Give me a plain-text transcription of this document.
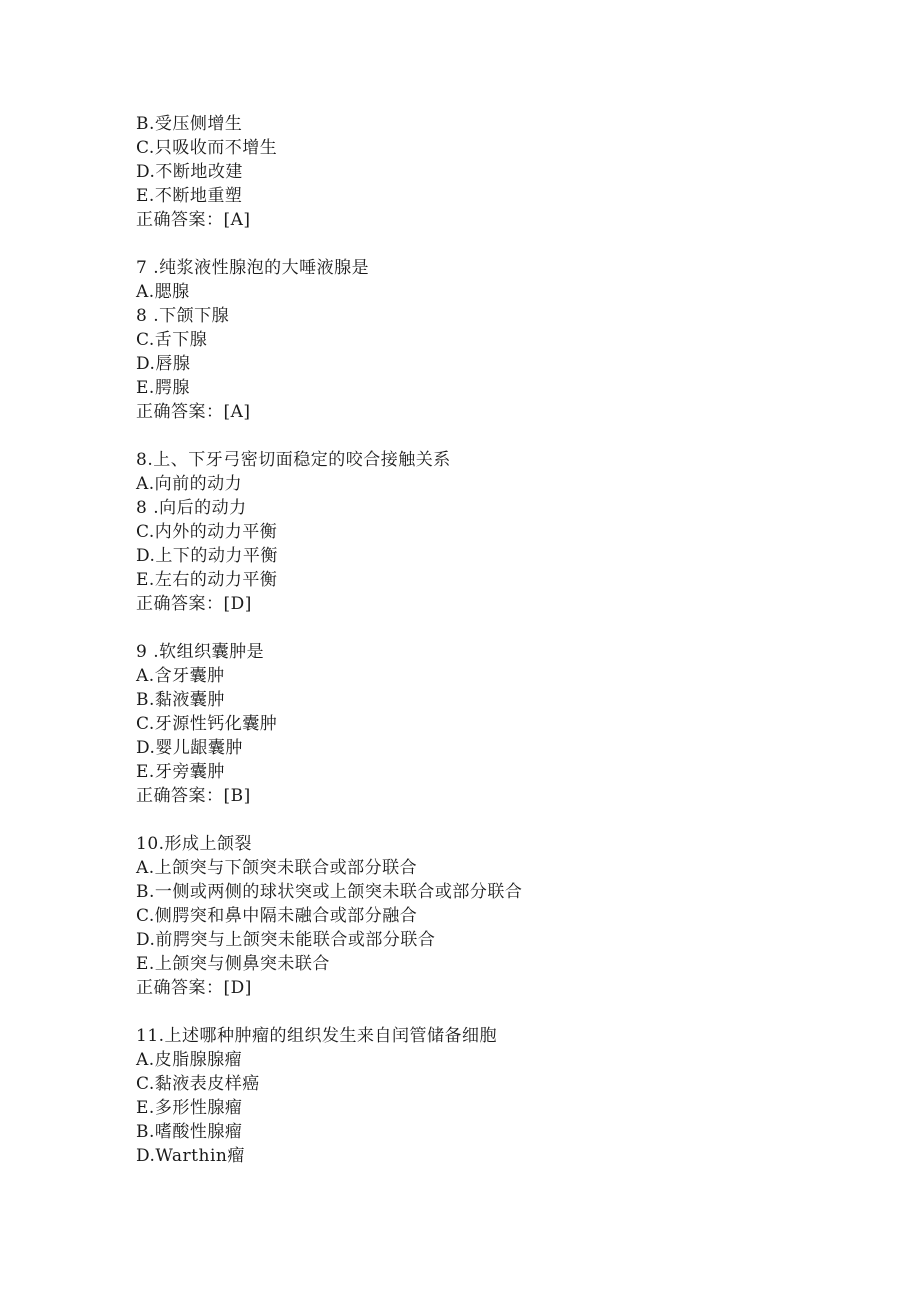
B.受压侧增生
C.只吸收而不增生
D.不断地改建
E.不断地重塑
正确答案：[A]
7 .纯浆液性腺泡的大唾液腺是
A.腮腺
8 .下颌下腺
C.舌下腺
D.唇腺
E.腭腺
正确答案：[A]
8.上、下牙弓密切面稳定的咬合接触关系
A.向前的动力
8 .向后的动力
C.内外的动力平衡
D.上下的动力平衡
E.左右的动力平衡
正确答案：[D]
9 .软组织囊肿是
A.含牙囊肿
B.黏液囊肿
C.牙源性钙化囊肿
D.婴儿龈囊肿
E.牙旁囊肿
正确答案：[B]
10.形成上颌裂
A.上颌突与下颌突未联合或部分联合
B.一侧或两侧的球状突或上颌突未联合或部分联合
C.侧腭突和鼻中隔未融合或部分融合
D.前腭突与上颌突未能联合或部分联合
E.上颌突与侧鼻突未联合
正确答案：[D]
11.上述哪种肿瘤的组织发生来自闰管储备细胞
A.皮脂腺腺瘤
C.黏液表皮样癌
E.多形性腺瘤
B.嗜酸性腺瘤
D.Warthin瘤
